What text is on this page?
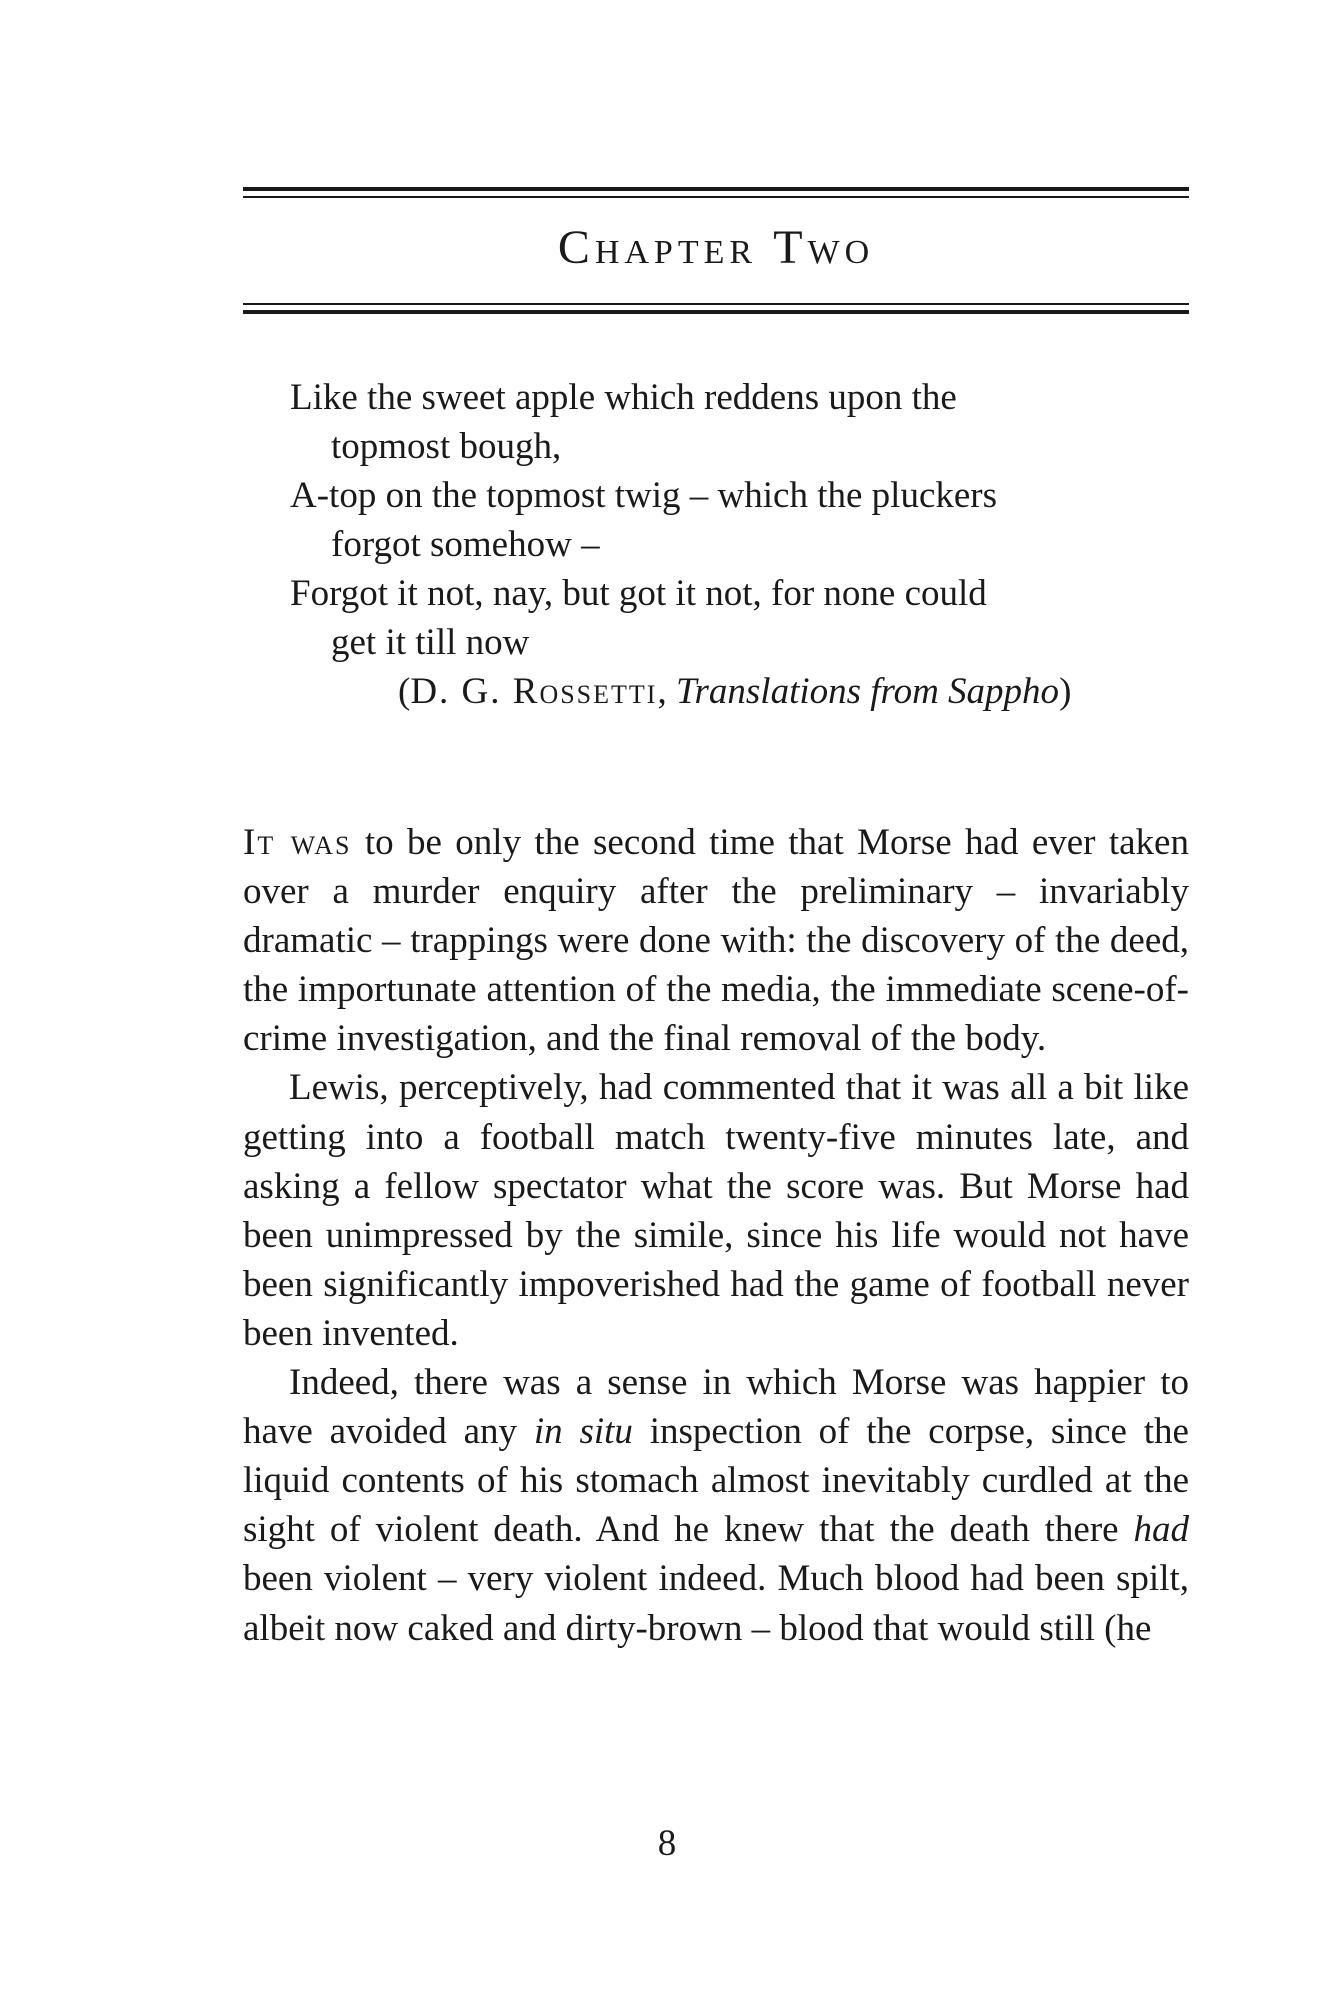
Chapter Two
Like the sweet apple which reddens upon the
topmost bough,
A-top on the topmost twig – which the pluckers
forgot somehow –
Forgot it not, nay, but got it not, for none could
get it till now
(D. G. Rossetti, Translations from Sappho)

It was to be only the second time that Morse had ever taken over a murder enquiry after the preliminary – invariably dramatic – trappings were done with: the discovery of the deed, the importunate attention of the media, the immediate scene-of-crime investigation, and the final removal of the body.

Lewis, perceptively, had commented that it was all a bit like getting into a football match twenty-five minutes late, and asking a fellow spectator what the score was. But Morse had been unimpressed by the simile, since his life would not have been significantly impoverished had the game of football never been invented.

Indeed, there was a sense in which Morse was happier to have avoided any in situ inspection of the corpse, since the liquid contents of his stomach almost inevitably curdled at the sight of violent death. And he knew that the death there had been violent – very violent indeed. Much blood had been spilt, albeit now caked and dirty-brown – blood that would still (he

8
